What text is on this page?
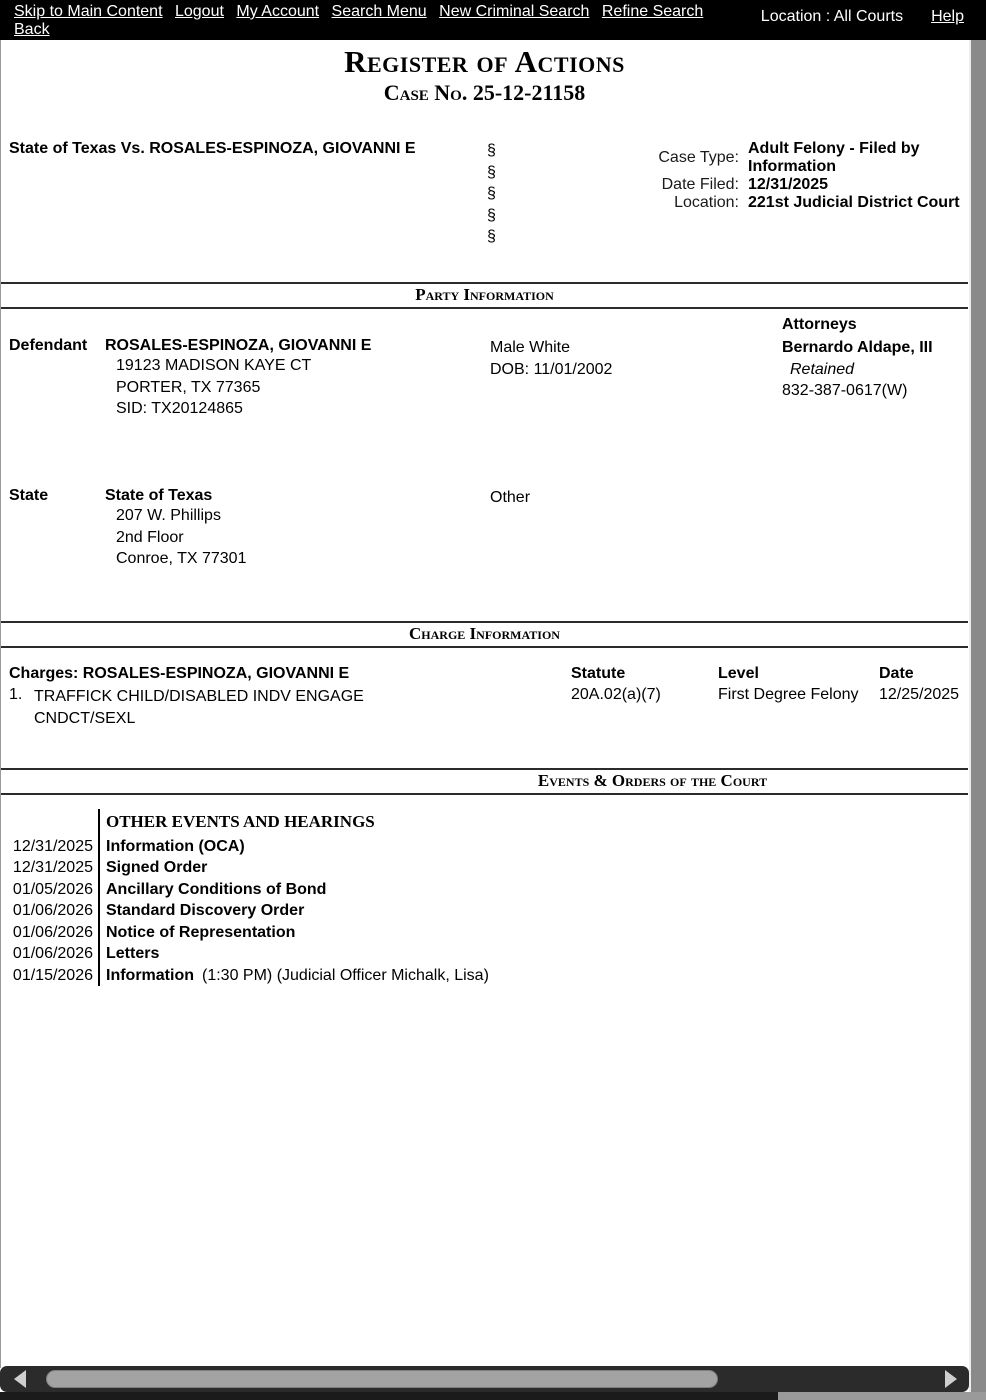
Skip to Main Content Logout My Account Search Menu New Criminal Search Refine Search Back
Location : All Courts Help
Register of Actions
Case No. 25-12-21158
State of Texas Vs. ROSALES-ESPINOZA, GIOVANNI E	§
§
§
§
§
Case Type:
Adult Felony - Filed by Information
Date Filed: 12/31/2025
Location: 221st Judicial District Court
Party Information
Attorneys
Defendant ROSALES-ESPINOZA, GIOVANNI E
19123 MADISON KAYE CT
PORTER, TX 77365
SID: TX20124865
Male White
DOB: 11/01/2002
Bernardo Aldape, III
Retained
832-387-0617(W)
State	State of Texas
207 W. Phillips
2nd Floor
Conroe, TX 77301
Other
Charge Information
Charges: ROSALES-ESPINOZA, GIOVANNI E	Statute	Level	Date
1. TRAFFICK CHILD/DISABLED INDV ENGAGE CNDCT/SEXL
20A.02(a)(7)	First Degree Felony 12/25/2025
Events & Orders of the Court
OTHER EVENTS AND HEARINGS
12/31/2025 Information (OCA)
12/31/2025 Signed Order
01/05/2026 Ancillary Conditions of Bond
01/06/2026 Standard Discovery Order
01/06/2026 Notice of Representation
01/06/2026 Letters
01/15/2026 Information (1:30 PM) (Judicial Officer Michalk, Lisa)
